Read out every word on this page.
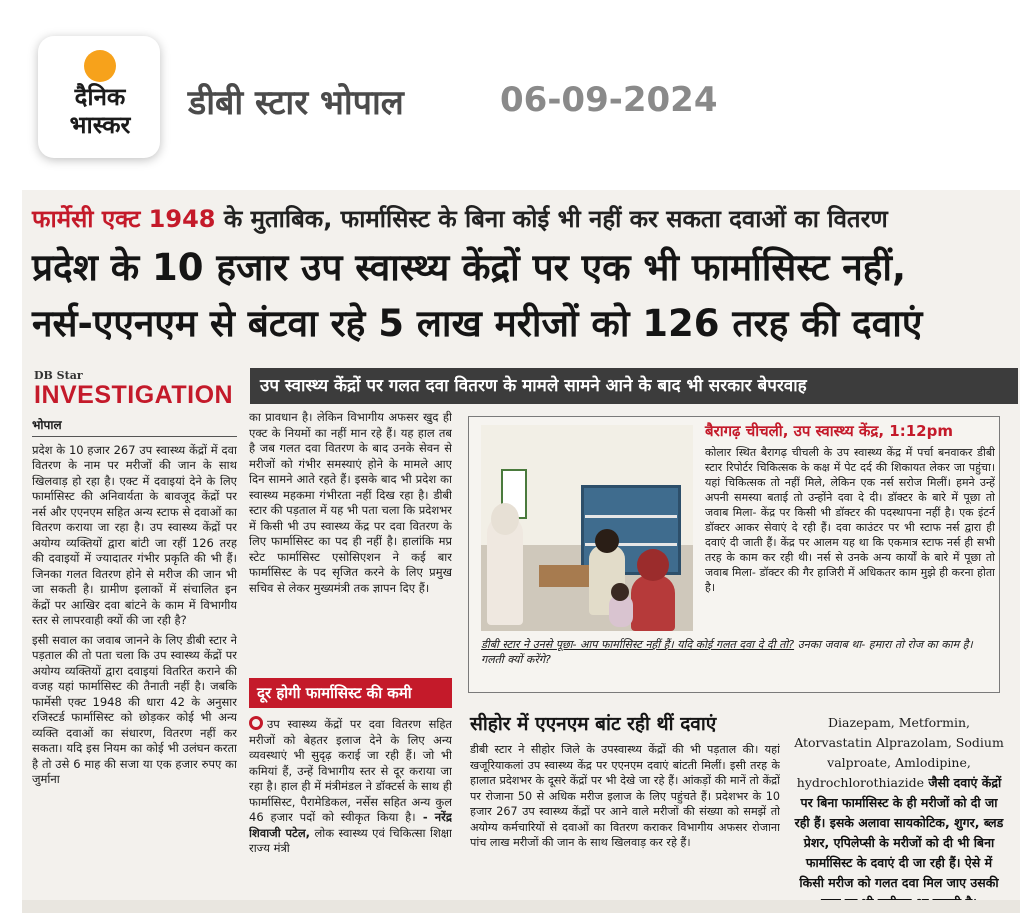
दैनिक
भास्कर
डीबी स्टार भोपाल	06-09-2024
फार्मेसी एक्ट 1948 के मुताबिक, फार्मासिस्ट के बिना कोई भी नहीं कर सकता दवाओं का वितरण
प्रदेश के 10 हजार उप स्वास्थ्य केंद्रों पर एक भी फार्मासिस्ट नहीं,
नर्स-एएनएम से बंटवा रहे 5 लाख मरीजों को 126 तरह की दवाएं
DB Star
INVESTIGATION	उप स्वास्थ्य केंद्रों पर गलत दवा वितरण के मामले सामने आने के बाद भी सरकार बेपरवाह
भोपाल

प्रदेश के 10 हजार 267 उप स्वास्थ्य केंद्रों में दवा वितरण के नाम पर मरीजों की जान के साथ खिलवाड़ हो रहा है। एक्ट में दवाइयां देने के लिए फार्मासिस्ट की अनिवार्यता के बावजूद केंद्रों पर नर्स और एएनएम सहित अन्य स्टाफ से दवाओं का वितरण कराया जा रहा है। उप स्वास्थ्य केंद्रों पर अयोग्य व्यक्तियों द्वारा बांटी जा रहीं 126 तरह की दवाइयों में ज्यादातर गंभीर प्रकृति की भी हैं। जिनका गलत वितरण होने से मरीज की जान भी जा सकती है। ग्रामीण इलाकों में संचालित इन केंद्रों पर आखिर दवा बांटने के काम में विभागीय स्तर से लापरवाही क्यों की जा रही है?

इसी सवाल का जवाब जानने के लिए डीबी स्टार ने पड़ताल की तो पता चला कि उप स्वास्थ्य केंद्रों पर अयोग्य व्यक्तियों द्वारा दवाइयां वितरित कराने की वजह यहां फार्मासिस्ट की तैनाती नहीं है। जबकि फार्मेसी एक्ट 1948 की धारा 42 के अनुसार रजिस्टर्ड फार्मासिस्ट को छोड़कर कोई भी अन्य व्यक्ति दवाओं का संधारण, वितरण नहीं कर सकता। यदि इस नियम का कोई भी उलंघन करता है तो उसे 6 माह की सजा या एक हजार रुपए का जुर्माना

का प्रावधान है। लेकिन विभागीय अफसर खुद ही एक्ट के नियमों का नहीं मान रहे हैं। यह हाल तब है जब गलत दवा वितरण के बाद उनके सेवन से मरीजों को गंभीर समस्याएं होने के मामले आए दिन सामने आते रहते हैं। इसके बाद भी प्रदेश का स्वास्थ्य महकमा गंभीरता नहीं दिख रहा है। डीबी स्टार की पड़ताल में यह भी पता चला कि प्रदेशभर में किसी भी उप स्वास्थ्य केंद्र पर दवा वितरण के लिए फार्मासिस्ट का पद ही नहीं है। हालांकि मप्र स्टेट फार्मासिस्ट एसोसिएशन ने कई बार फार्मासिस्ट के पद सृजित करने के लिए प्रमुख सचिव से लेकर मुख्यमंत्री तक ज्ञापन दिए हैं।

दूर होगी फार्मासिस्ट की कमी
उप स्वास्थ्य केंद्रों पर दवा वितरण सहित मरीजों को बेहतर इलाज देने के लिए अन्य व्यवस्थाएं भी सुदृढ़ कराई जा रही हैं। जो भी कमियां हैं, उन्हें विभागीय स्तर से दूर कराया जा रहा है। हाल ही में मंत्रीमंडल ने डॉक्टर्स के साथ ही फार्मासिस्ट, पैरामेडिकल, नर्सेस सहित अन्य कुल 46 हजार पदों को स्वीकृत किया है। - नरेंद्र शिवाजी पटेल, लोक स्वास्थ्य एवं चिकित्सा शिक्षा राज्य मंत्री
बैरागढ़ चीचली, उप स्वास्थ्य केंद्र, 1:12pm
कोलार स्थित बैरागढ़ चीचली के उप स्वास्थ्य केंद्र में पर्चा बनवाकर डीबी स्टार रिपोर्टर चिकित्सक के कक्ष में पेट दर्द की शिकायत लेकर जा पहुंचा। यहां चिकित्सक तो नहीं मिले, लेकिन एक नर्स सरोज मिलीं। हमने उन्हें अपनी समस्या बताई तो उन्होंने दवा दे दी। डॉक्टर के बारे में पूछा तो जवाब मिला- केंद्र पर किसी भी डॉक्टर की पदस्थापना नहीं है। एक इंटर्न डॉक्टर आकर सेवाएं दे रही हैं। दवा काउंटर पर भी स्टाफ नर्स द्वारा ही दवाएं दी जाती हैं। केंद्र पर आलम यह था कि एकमात्र स्टाफ नर्स ही सभी तरह के काम कर रही थी। नर्स से उनके अन्य कार्यों के बारे में पूछा तो जवाब मिला- डॉक्टर की गैर हाजिरी में अधिकतर काम मुझे ही करना होता है।
डीबी स्टार ने उनसे पूछा- आप फार्मासिस्ट नहीं हैं। यदि कोई गलत दवा दे दी तो? उनका जवाब था- हमारा तो रोज का काम है। गलती क्यों करेंगे?
सीहोर में एएनएम बांट रही थीं दवाएं
डीबी स्टार ने सीहोर जिले के उपस्वास्थ्य केंद्रों की भी पड़ताल की। यहां खजूरियाकलां उप स्वास्थ्य केंद्र पर एएनएम दवाएं बांटती मिलीं। इसी तरह के हालात प्रदेशभर के दूसरे केंद्रों पर भी देखे जा रहे हैं। आंकड़ों की मानें तो केंद्रों पर रोजाना 50 से अधिक मरीज इलाज के लिए पहुंचते हैं। प्रदेशभर के 10 हजार 267 उप स्वास्थ्य केंद्रों पर आने वाले मरीजों की संख्या को समझें तो अयोग्य कर्मचारियों से दवाओं का वितरण कराकर विभागीय अफसर रोजाना पांच लाख मरीजों की जान के साथ खिलवाड़ कर रहे हैं।
Diazepam, Metformin, Atorvastatin Alprazolam, Sodium valproate, Amlodipine, hydrochlorothiazide जैसी दवाएं केंद्रों पर बिना फार्मासिस्ट के ही मरीजों को दी जा रही हैं। इसके अलावा सायकोटिक, शुगर, ब्लड प्रेशर, एपिलेप्सी के मरीजों को दी भी बिना फार्मासिस्ट के दवाएं दी जा रही हैं। ऐसे में किसी मरीज को गलत दवा मिल जाए उसकी
